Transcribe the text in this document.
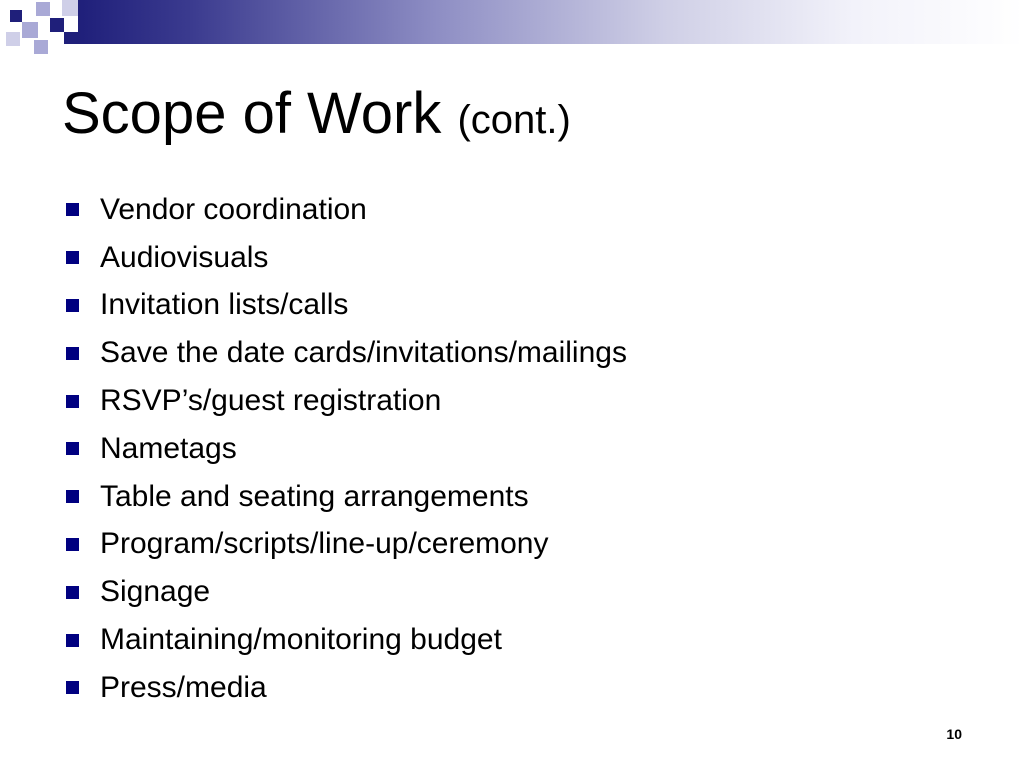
Scope of Work (cont.)
Vendor coordination
Audiovisuals
Invitation lists/calls
Save the date cards/invitations/mailings
RSVP’s/guest registration
Nametags
Table and seating arrangements
Program/scripts/line-up/ceremony
Signage
Maintaining/monitoring budget
Press/media
10
